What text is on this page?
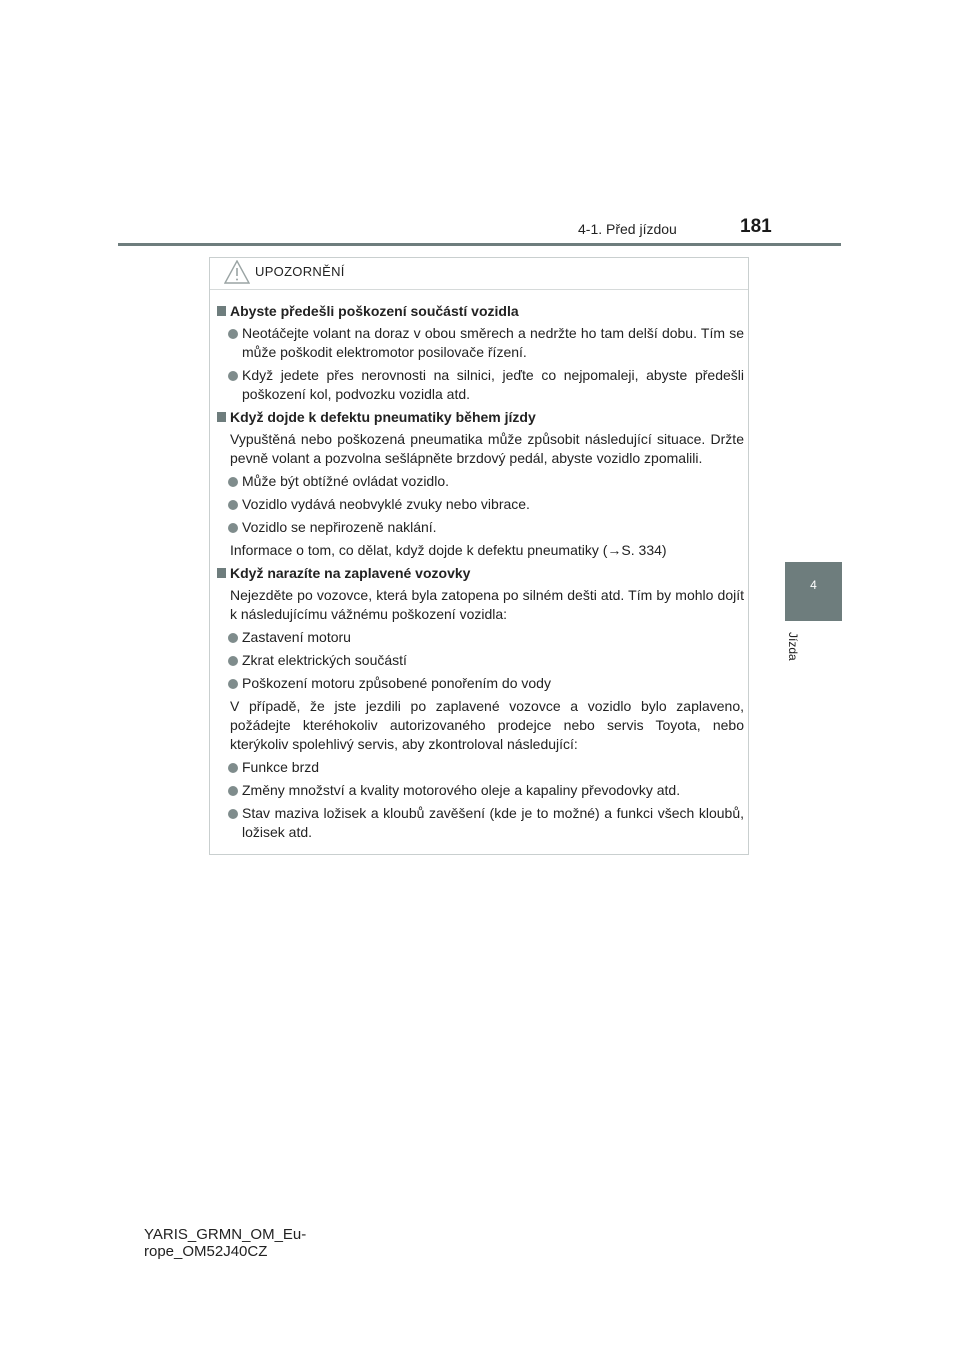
4-1. Před jízdou	181
4
Jízda
UPOZORNĚNÍ
Abyste předešli poškození součástí vozidla
Neotáčejte volant na doraz v obou směrech a nedržte ho tam delší dobu. Tím se může poškodit elektromotor posilovače řízení.
Když jedete přes nerovnosti na silnici, jeďte co nejpomaleji, abyste předešli poškození kol, podvozku vozidla atd.
Když dojde k defektu pneumatiky během jízdy
Vypuštěná nebo poškozená pneumatika může způsobit následující situace. Držte pevně volant a pozvolna sešlápněte brzdový pedál, abyste vozidlo zpomalili.
Může být obtížné ovládat vozidlo.
Vozidlo vydává neobvyklé zvuky nebo vibrace.
Vozidlo se nepřirozeně naklání.
Informace o tom, co dělat, když dojde k defektu pneumatiky (→S. 334)
Když narazíte na zaplavené vozovky
Nejezděte po vozovce, která byla zatopena po silném dešti atd. Tím by mohlo dojít k následujícímu vážnému poškození vozidla:
Zastavení motoru
Zkrat elektrických součástí
Poškození motoru způsobené ponořením do vody
V případě, že jste jezdili po zaplavené vozovce a vozidlo bylo zaplaveno, požádejte kteréhokoliv autorizovaného prodejce nebo servis Toyota, nebo kterýkoliv spolehlivý servis, aby zkontroloval následující:
Funkce brzd
Změny množství a kvality motorového oleje a kapaliny převodovky atd.
Stav maziva ložisek a kloubů zavěšení (kde je to možné) a funkci všech kloubů, ložisek atd.
YARIS_GRMN_OM_Eu-
rope_OM52J40CZ
